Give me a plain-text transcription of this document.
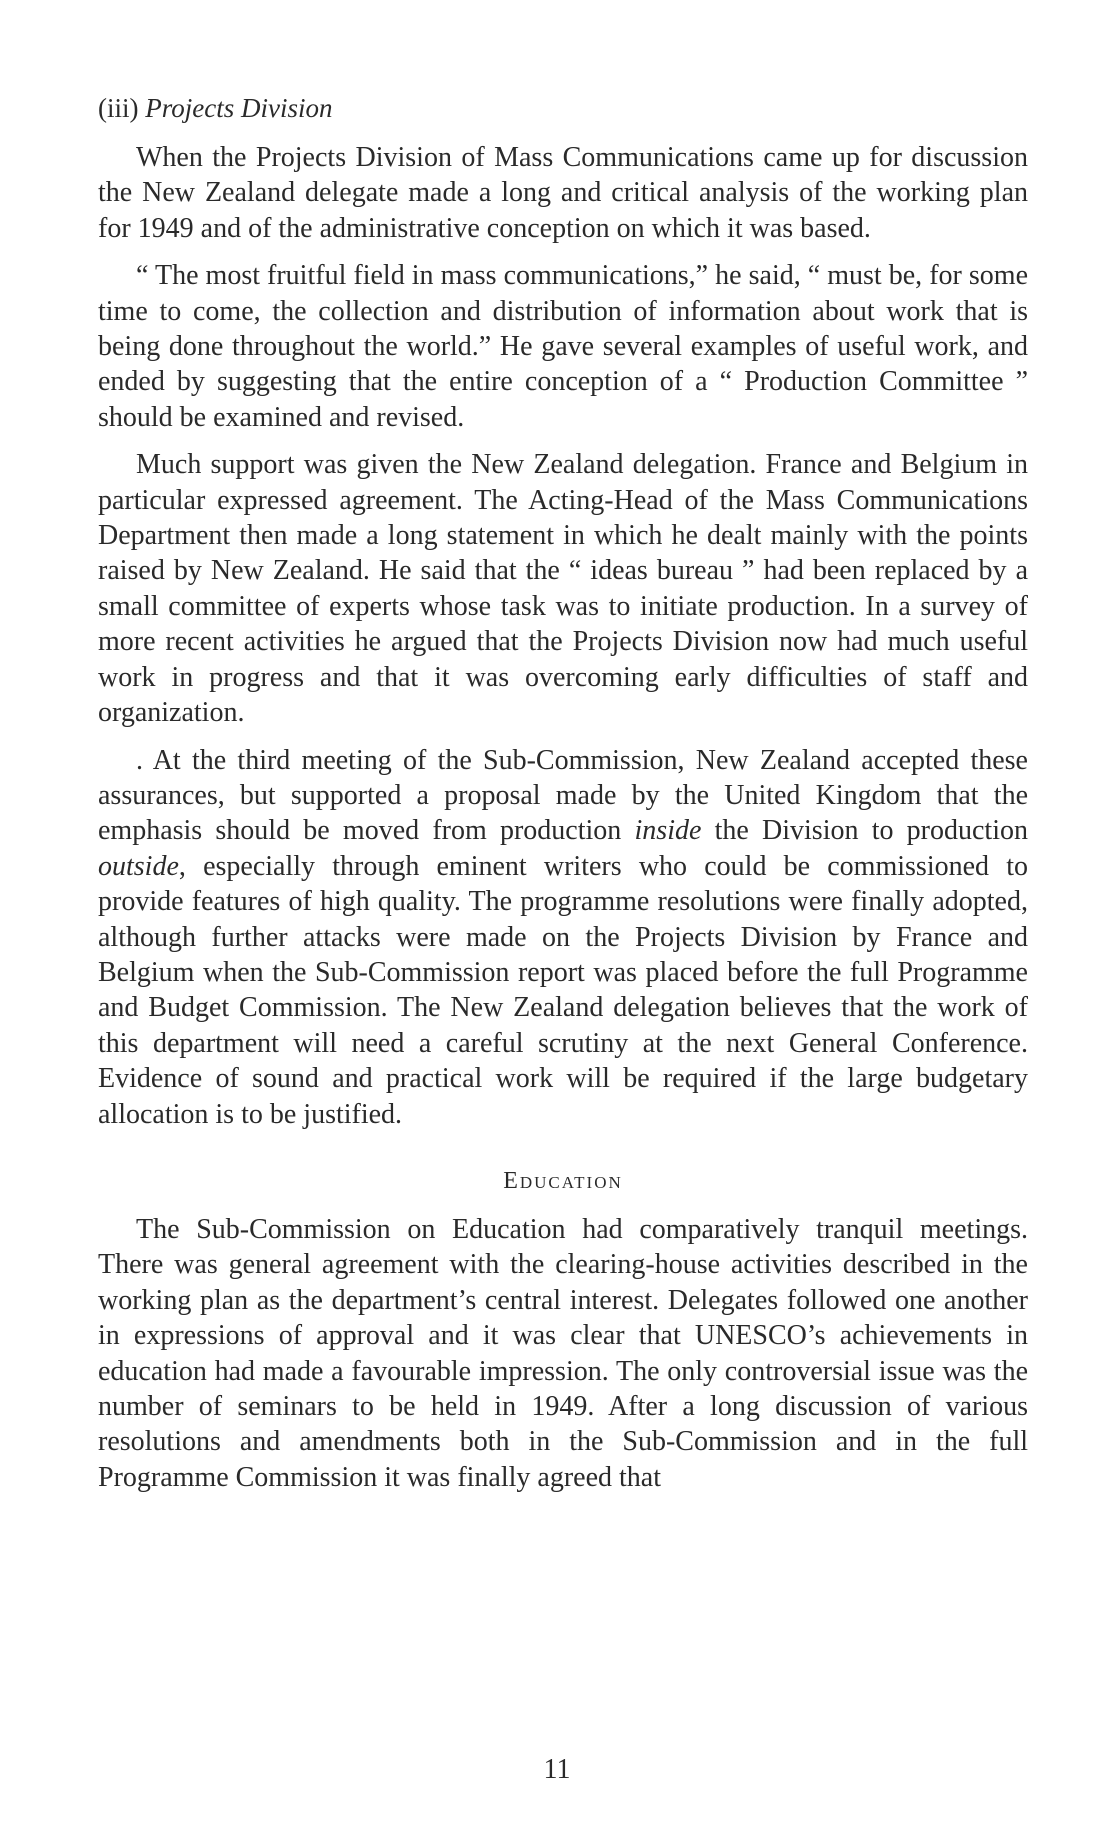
(iii) Projects Division

When the Projects Division of Mass Communications came up for discussion the New Zealand delegate made a long and critical analysis of the working plan for 1949 and of the administrative conception on which it was based.

“ The most fruitful field in mass communications,” he said, “ must be, for some time to come, the collection and distribution of information about work that is being done throughout the world.” He gave several examples of useful work, and ended by suggesting that the entire conception of a “ Production Committee ” should be examined and revised.

Much support was given the New Zealand delegation. France and Belgium in particular expressed agreement. The Acting-Head of the Mass Communications Department then made a long statement in which he dealt mainly with the points raised by New Zealand. He said that the “ ideas bureau ” had been replaced by a small committee of experts whose task was to initiate production. In a survey of more recent activities he argued that the Projects Division now had much useful work in progress and that it was overcoming early difficulties of staff and organization.

. At the third meeting of the Sub-Commission, New Zealand accepted these assurances, but supported a proposal made by the United Kingdom that the emphasis should be moved from production inside the Division to production outside, especially through eminent writers who could be commissioned to provide features of high quality. The programme resolutions were finally adopted, although further attacks were made on the Projects Division by France and Belgium when the Sub-Commission report was placed before the full Programme and Budget Commission. The New Zealand delegation believes that the work of this department will need a careful scrutiny at the next General Conference. Evidence of sound and practical work will be required if the large budgetary allocation is to be justified.

Education

The Sub-Commission on Education had comparatively tranquil meetings. There was general agreement with the clearing-house activities described in the working plan as the department’s central interest. Delegates followed one another in expressions of approval and it was clear that UNESCO’s achievements in education had made a favourable impression. The only controversial issue was the number of seminars to be held in 1949. After a long discussion of various resolutions and amendments both in the Sub-Commission and in the full Programme Commission it was finally agreed that

11
